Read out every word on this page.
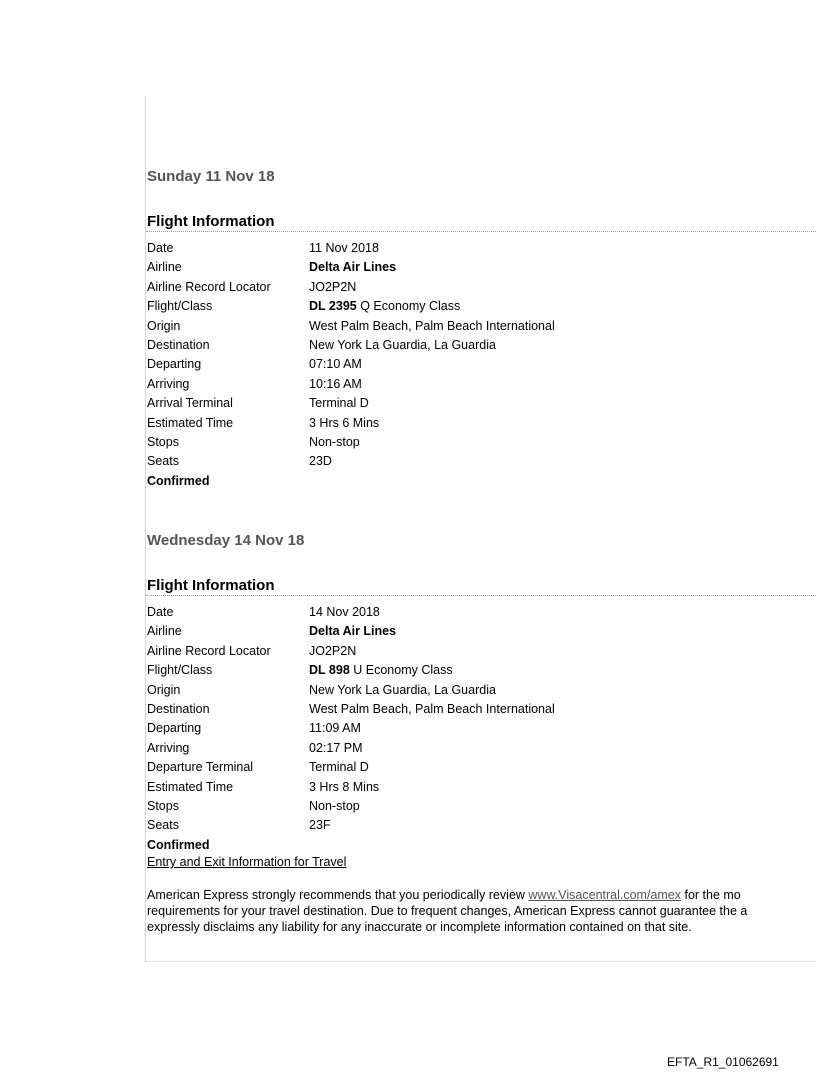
Sunday 11 Nov 18
Flight Information
Date	11 Nov 2018
Airline	Delta Air Lines
Airline Record Locator	JO2P2N
Flight/Class	DL 2395 Q Economy Class
Origin	West Palm Beach, Palm Beach International
Destination	New York La Guardia, La Guardia
Departing	07:10 AM
Arriving	10:16 AM
Arrival Terminal	Terminal D
Estimated Time	3 Hrs 6 Mins
Stops	Non-stop
Seats	23D
Confirmed
Wednesday 14 Nov 18
Flight Information
Date	14 Nov 2018
Airline	Delta Air Lines
Airline Record Locator	JO2P2N
Flight/Class	DL 898 U Economy Class
Origin	New York La Guardia, La Guardia
Destination	West Palm Beach, Palm Beach International
Departing	11:09 AM
Arriving	02:17 PM
Departure Terminal	Terminal D
Estimated Time	3 Hrs 8 Mins
Stops	Non-stop
Seats	23F
Confirmed
Entry and Exit Information for Travel
American Express strongly recommends that you periodically review www.Visacentral.com/amex for the mo
requirements for your travel destination. Due to frequent changes, American Express cannot guarantee the a
expressly disclaims any liability for any inaccurate or incomplete information contained on that site.
EFTA_R1_01062691
